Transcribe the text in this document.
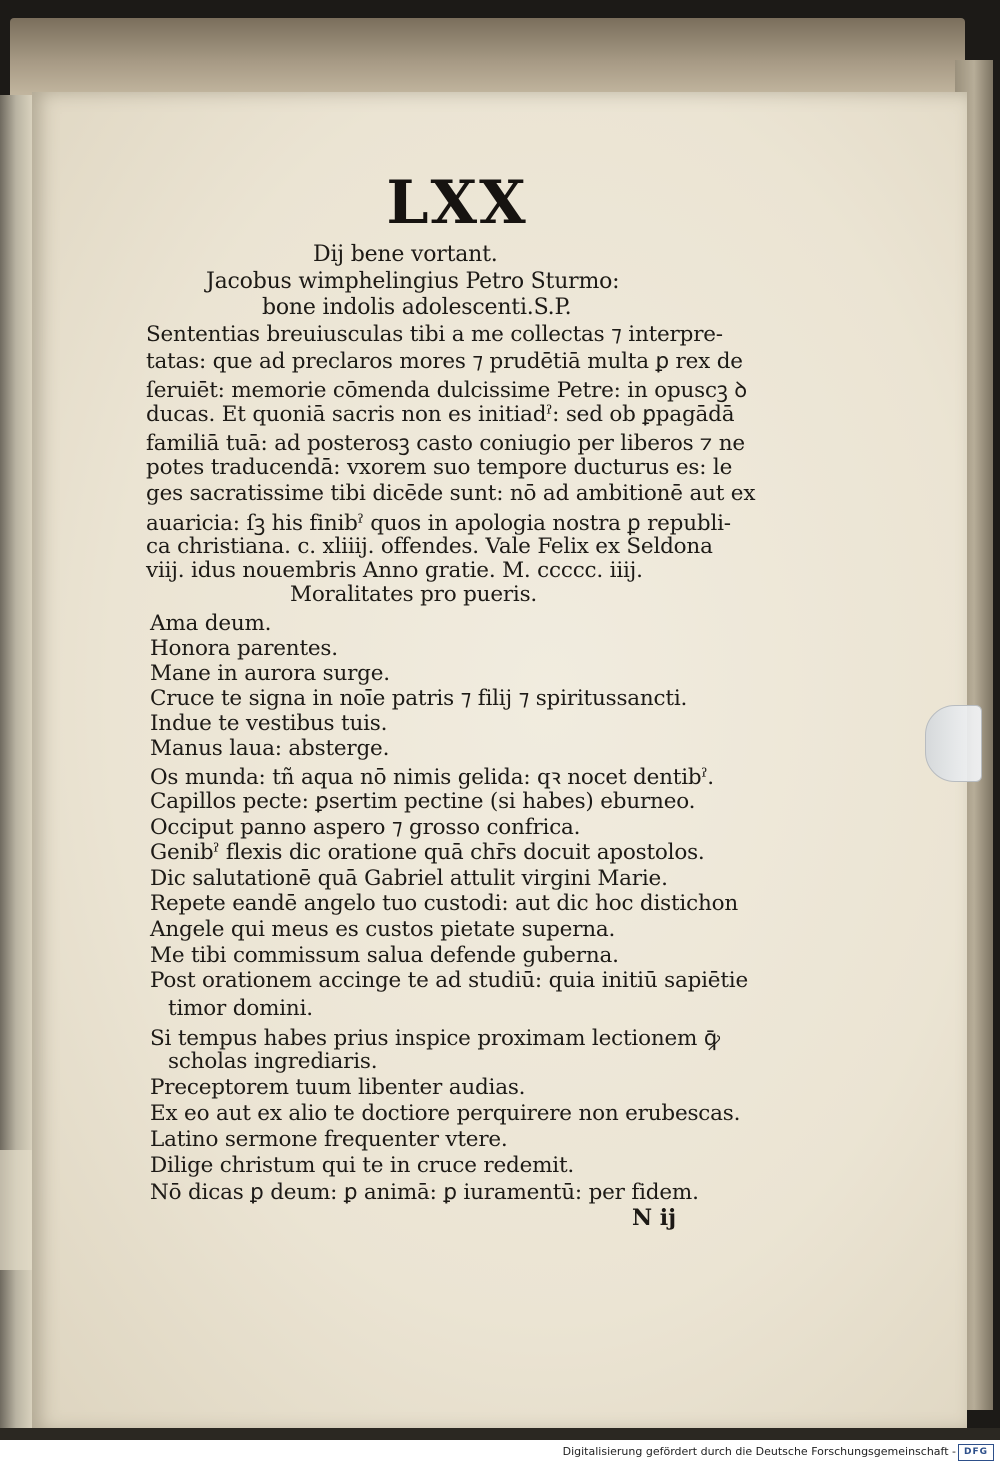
LXX
Dij bene vortant.
Jacobus wimphelingius Petro Sturmo:
bone indolis adolescenti.S.P.
Sententias breuiusculas tibi a me collectas ⁊ interpre-
tatas: que ad preclaros mores ⁊ prudētiā multa ꝑ rex de
ſeruiēt: memorie cōmenda dulcissime Petre: in opuscꝫ ꝺ
ducas. Et quoniā sacris non es initiadˀ: sed ob ꝑpagādā
familiā tuā: ad posterosꝫ casto coniugio per liberos ⁊ ne
potes traducendā: vxorem suo tempore ducturus es: le
ges sacratissime tibi dicēde sunt: nō ad ambitionē aut ex
auaricia: ſꝫ his finibˀ quos in apologia nostra ꝑ republi-
ca christiana. c. xliiij. offendes. Vale Felix ex Seldona
viij. idus nouembris Anno gratie. M. ccccc. iiij.
Moralitates pro pueris.
Ama deum.
Honora parentes.
Mane in aurora surge.
Cruce te signa in noīe patris ⁊ filij ⁊ spiritussancti.
Indue te vestibus tuis.
Manus laua: absterge.
Os munda: tñ aqua nō nimis gelida: qꝛ nocet dentibˀ.
Capillos pecte: ꝑsertim pectine (si habes) eburneo.
Occiput panno aspero ⁊ grosso confrica.
Genibˀ flexis dic oratione quā chr̄s docuit apostolos.
Dic salutationē quā Gabriel attulit virgini Marie.
Repete eandē angelo tuo custodi: aut dic hoc distichon
Angele qui meus es custos pietate superna.
Me tibi commissum salua defende guberna.
Post orationem accinge te ad studiū: quia initiū sapiētie
timor domini.
Si tempus habes prius inspice proximam lectionem ꝙ̄
scholas ingrediaris.
Preceptorem tuum libenter audias.
Ex eo aut ex alio te doctiore perquirere non erubescas.
Latino sermone frequenter vtere.
Dilige christum qui te in cruce redemit.
Nō dicas ꝑ deum: ꝑ animā: ꝑ iuramentū: per fidem.
N ij
Digitalisierung gefördert durch die Deutsche Forschungsgemeinschaft - DFG
